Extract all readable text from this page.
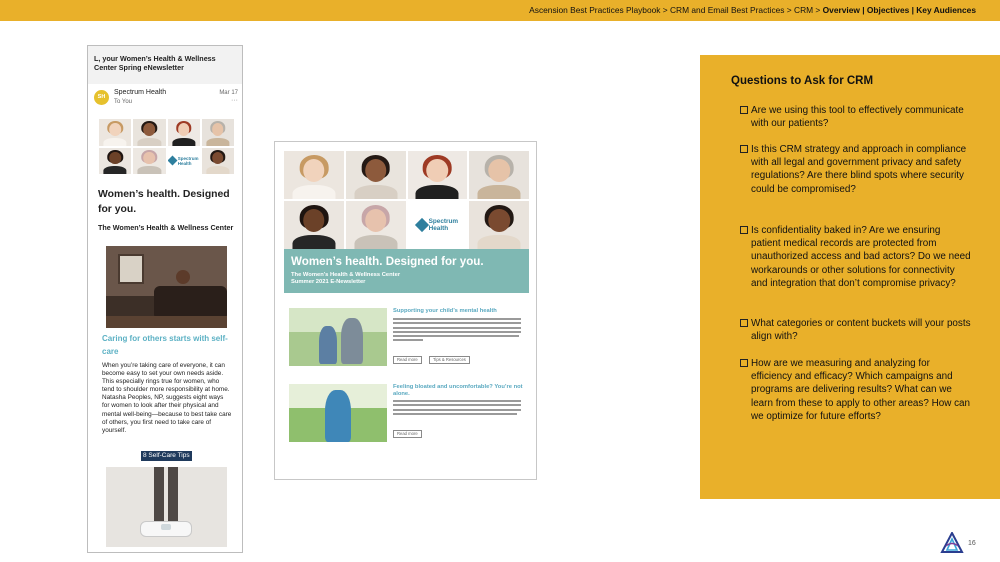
Ascension Best Practices Playbook > CRM and Email Best Practices > CRM > Overview | Objectives | Key Audiences
L, your Women’s Health & Wellness Center Spring eNewsletter
SH
Spectrum Health
To You
Mar 17
···
Spectrum
Health
Women’s health. Designed for you.
The Women’s Health & Wellness Center
Caring for others starts with self-care
When you’re taking care of everyone, it can become easy to set your own needs aside. This especially rings true for women, who tend to shoulder more responsibility at home. Natasha Peoples, NP, suggests eight ways for women to look after their physical and mental well-being—because to best take care of others, you first need to take care of yourself.
8 Self-Care Tips
Spectrum
Health
Women’s health. Designed for you.
The Women’s Health & Wellness Center
Summer 2021 E-Newsletter
Supporting your child’s mental health
Read more	Tips & Resources
Feeling bloated and uncomfortable? You’re not alone.
Read more
Questions to Ask for CRM
Are we using this tool to effectively communicate with our patients?
Is this CRM strategy and approach in compliance with all legal and government privacy and safety regulations? Are there blind spots where security could be compromised?
Is confidentiality baked in? Are we ensuring patient medical records are protected from unauthorized access and bad actors? Do we need workarounds or other solutions for connectivity and integration that don’t compromise privacy?
What categories or content buckets will your posts align with?
How are we measuring and analyzing for efficiency and efficacy? Which campaigns and programs are delivering results? What can we learn from these to apply to other areas? How can we optimize for future efforts?
16
